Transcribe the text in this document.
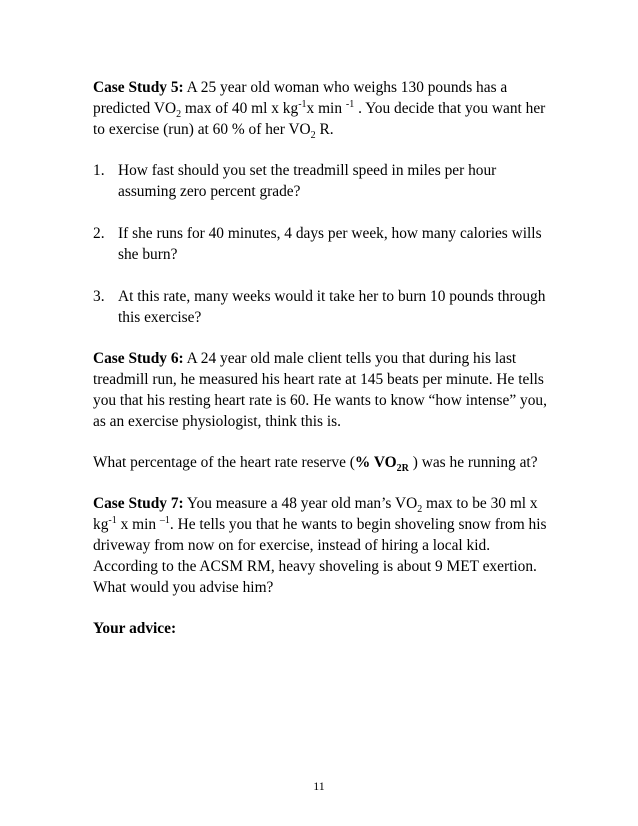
Case Study 5: A 25 year old woman who weighs 130 pounds has a predicted $VO_2$ max of 40 ml x $kg^{-1}x$ min $^{-1}$ . You decide that you want her to exercise (run) at 60 % of her $VO_2$ R.

1. How fast should you set the treadmill speed in miles per hour assuming zero percent grade?
2. If she runs for 40 minutes, 4 days per week, how many calories wills she burn?
3. At this rate, many weeks would it take her to burn 10 pounds through this exercise?

Case Study 6: A 24 year old male client tells you that during his last treadmill run, he measured his heart rate at 145 beats per minute. He tells you that his resting heart rate is 60. He wants to know “how intense” you, as an exercise physiologist, think this is.

What percentage of the heart rate reserve (% $VO_{2R}$ ) was he running at?

Case Study 7: You measure a 48 year old man’s $VO_2$ max to be 30 ml x $kg^{-1}$ x min $^{-1}$. He tells you that he wants to begin shoveling snow from his driveway from now on for exercise, instead of hiring a local kid. According to the ACSM RM, heavy shoveling is about 9 MET exertion. What would you advise him?

Your advice:

11
